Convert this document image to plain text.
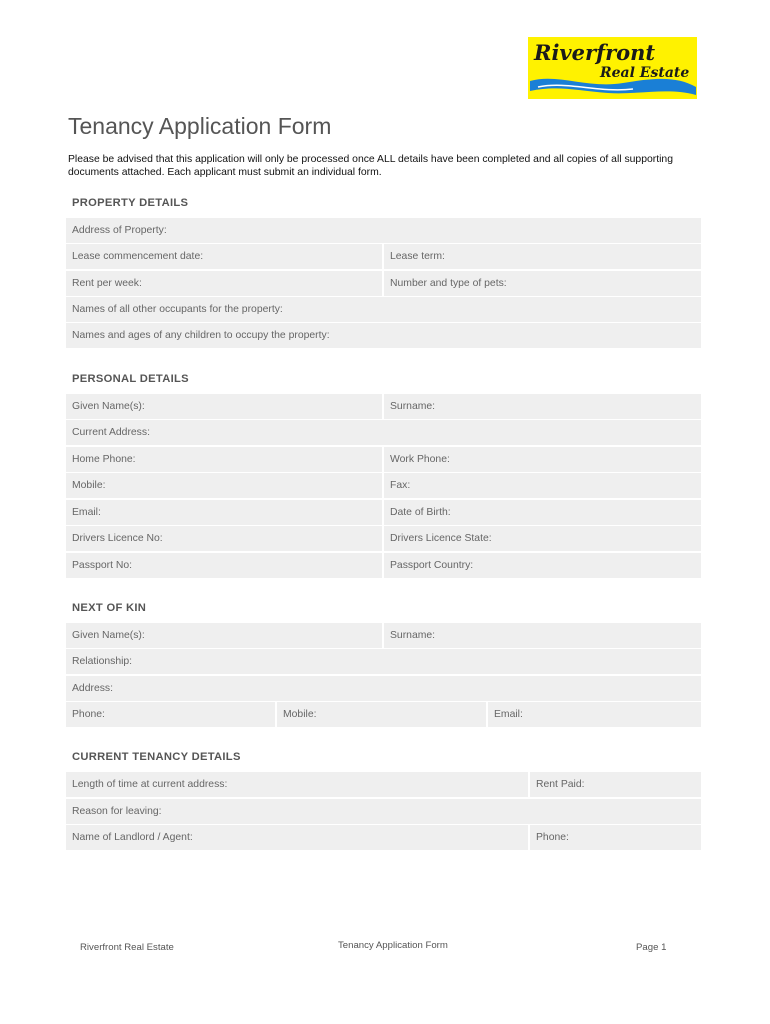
Riverfront
Real Estate
Tenancy Application Form
Please be advised that this application will only be processed once ALL details have been completed and all copies of all supporting documents attached. Each applicant must submit an individual form.
PROPERTY DETAILS
Address of Property:
Lease commencement date:	Lease term:
Rent per week:	Number and type of pets:
Names of all other occupants for the property:
Names and ages of any children to occupy the property:
PERSONAL DETAILS
Given Name(s):	Surname:
Current Address:
Home Phone:	Work Phone:
Mobile:	Fax:
Email:	Date of Birth:
Drivers Licence No:	Drivers Licence State:
Passport No:	Passport Country:
NEXT OF KIN
Given Name(s):	Surname:
Relationship:
Address:
Phone:	Mobile:	Email:
CURRENT TENANCY DETAILS
Length of time at current address:	Rent Paid:
Reason for leaving:
Name of Landlord / Agent:	Phone:
Riverfront Real Estate	Tenancy Application Form	Page 1
